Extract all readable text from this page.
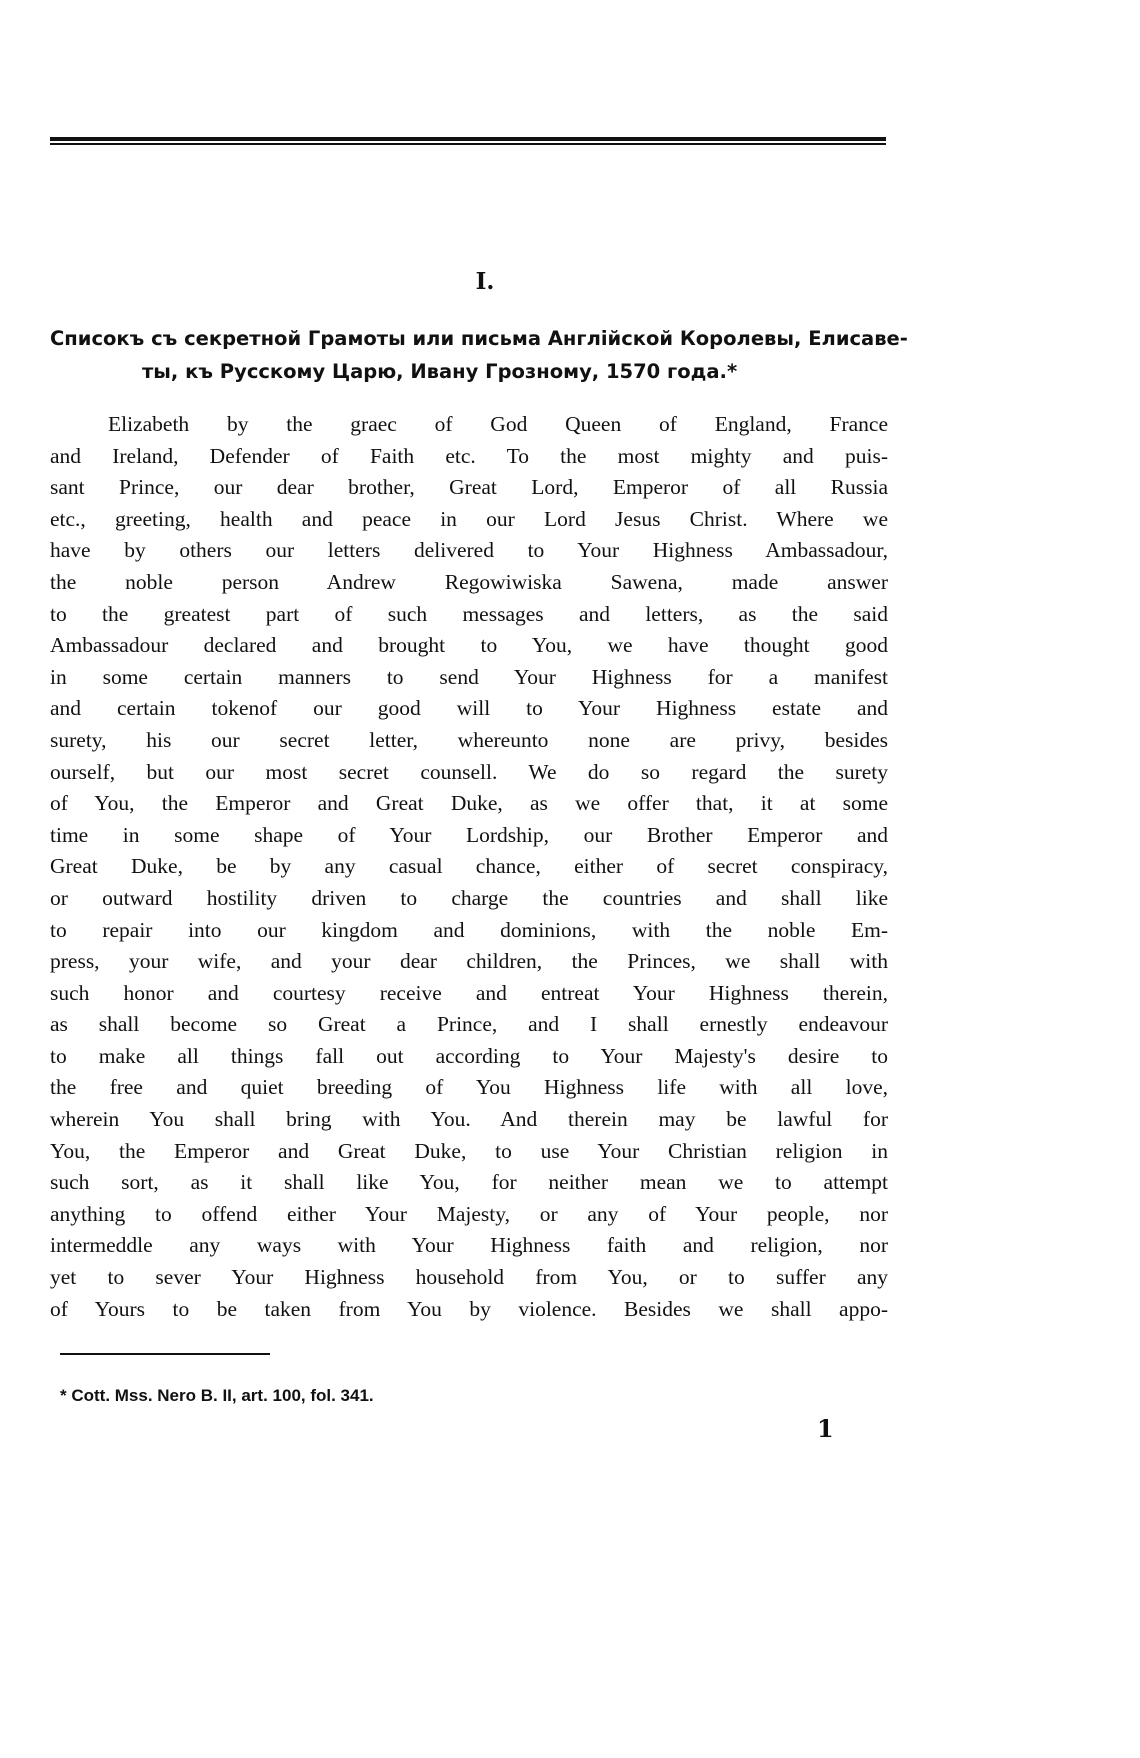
I.
Списокъ съ секретной Грамоты или письма Англійской Королевы, Елисаве-
ты, къ Русскому Царю, Ивану Грозному, 1570 года.*
Elizabeth by the graec of God Queen of England, France
and Ireland, Defender of Faith etc. To the most mighty and puis-
sant Prince, our dear brother, Great Lord, Emperor of all Russia
etc., greeting, health and peace in our Lord Jesus Christ. Where we
have by others our letters delivered to Your Highness Ambassadour,
the noble person Andrew Regowiwiska Sawena, made answer
to the greatest part of such messages and letters, as the said
Ambassadour declared and brought to You, we have thought good
in some certain manners to send Your Highness for a manifest
and certain tokenof our good will to Your Highness estate and
surety, his our secret letter, whereunto none are privy, besides
ourself, but our most secret counsell. We do so regard the surety
of You, the Emperor and Great Duke, as we offer that, it at some
time in some shape of Your Lordship, our Brother Emperor and
Great Duke, be by any casual chance, either of secret conspiracy,
or outward hostility driven to charge the countries and shall like
to repair into our kingdom and dominions, with the noble Em-
press, your wife, and your dear children, the Princes, we shall with
such honor and courtesy receive and entreat Your Highness therein,
as shall become so Great a Prince, and I shall ernestly endeavour
to make all things fall out according to Your Majesty's desire to
the free and quiet breeding of You Highness life with all love,
wherein You shall bring with You. And therein may be lawful for
You, the Emperor and Great Duke, to use Your Christian religion in
such sort, as it shall like You, for neither mean we to attempt
anything to offend either Your Majesty, or any of Your people, nor
intermeddle any ways with Your Highness faith and religion, nor
yet to sever Your Highness household from You, or to suffer any
of Yours to be taken from You by violence. Besides we shall appo-
* Cott. Mss. Nero B. II, art. 100, fol. 341.
1
